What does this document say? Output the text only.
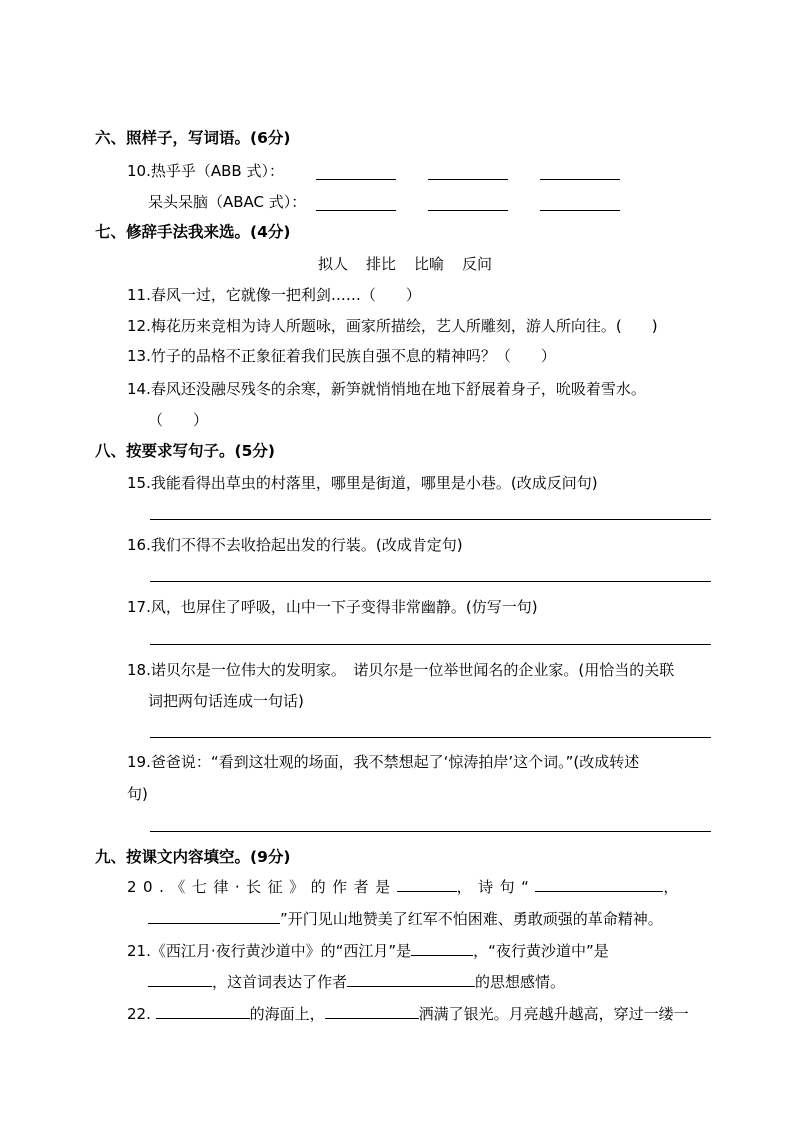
六、照样子，写词语。(6分)
10.热乎乎（ABB 式）：
呆头呆脑（ABAC 式）：
七、修辞手法我来选。(4分)
拟人 排比 比喻 反问
11.春风一过，它就像一把利剑……（　　）
12.梅花历来竞相为诗人所题咏，画家所描绘，艺人所雕刻，游人所向往。(　　)
13.竹子的品格不正象征着我们民族自强不息的精神吗？（　　）
14.春风还没融尽残冬的余寒，新笋就悄悄地在地下舒展着身子，吮吸着雪水。
（　　）
八、按要求写句子。(5分)
15.我能看得出草虫的村落里，哪里是街道，哪里是小巷。(改成反问句)
16.我们不得不去收拾起出发的行装。(改成肯定句)
17.风，也屏住了呼吸，山中一下子变得非常幽静。(仿写一句)
18.诺贝尔是一位伟大的发明家。　诺贝尔是一位举世闻名的企业家。(用恰当的关联
词把两句话连成一句话)
19.爸爸说：“看到这壮观的场面，我不禁想起了‘惊涛拍岸’这个词。”(改成转述
句)
九、按课文内容填空。(9分)
20.《七律·长征》的作者是	，诗句“	，
”开门见山地赞美了红军不怕困难、勇敢顽强的革命精神。
21.《西江月·夜行黄沙道中》的“西江月”是	，“夜行黄沙道中”是
，这首词表达了作者	的思想感情。
22.	的海面上，	洒满了银光。月亮越升越高，穿过一缕一
